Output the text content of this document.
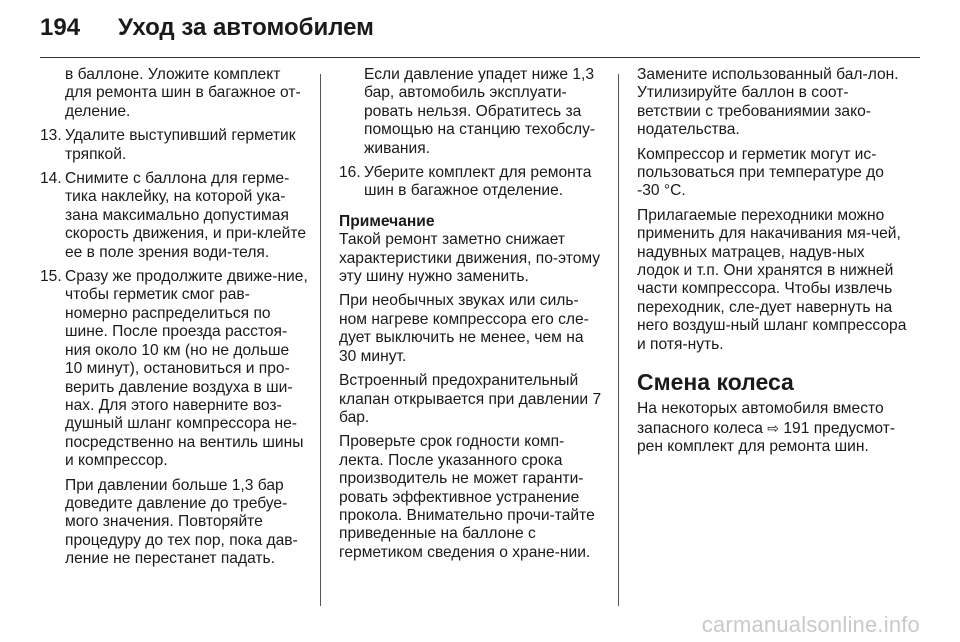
194 Уход за автомобилем

в баллоне. Уложите комплект для ремонта шин в багажное от-деление.

13. Удалите выступивший герметик тряпкой.
14. Снимите с баллона для герме-тика наклейку, на которой ука-зана максимально допустимая скорость движения, и при-клейте ее в поле зрения води-теля.
15. Сразу же продолжите движе-ние, чтобы герметик смог рав-номерно распределиться по шине. После проезда расстоя-ния около 10 км (но не дольше 10 минут), остановиться и про-верить давление воздуха в ши-нах. Для этого наверните воз-душный шланг компрессора не-посредственно на вентиль шины и компрессор.

При давлении больше 1,3 бар доведите давление до требуе-мого значения. Повторяйте процедуру до тех пор, пока дав-ление не перестанет падать.

Если давление упадет ниже 1,3 бар, автомобиль эксплуати-ровать нельзя. Обратитесь за помощью на станцию техобслу-живания.

16. Уберите комплект для ремонта шин в багажное отделение.
Примечание

Такой ремонт заметно снижает характеристики движения, по-этому эту шину нужно заменить.

При необычных звуках или силь-ном нагреве компрессора его сле-дует выключить не менее, чем на 30 минут.

Встроенный предохранительный клапан открывается при давлении 7 бар.

Проверьте срок годности комп-лекта. После указанного срока производитель не может гаранти-ровать эффективное устранение прокола. Внимательно прочи-тайте приведенные на баллоне с герметиком сведения о хране-нии.

Замените использованный бал-лон. Утилизируйте баллон в соот-ветствии с требованиямии зако-нодательства.

Компрессор и герметик могут ис-пользоваться при температуре до -30 °C.

Прилагаемые переходники можно применить для накачивания мя-чей, надувных матрацев, надув-ных лодок и т.п. Они хранятся в нижней части компрессора. Чтобы извлечь переходник, сле-дует навернуть на него воздуш-ный шланг компрессора и потя-нуть.

Смена колеса

На некоторых автомобиля вместо запасного колеса ⇨ 191 предусмот-рен комплект для ремонта шин.

carmanualsonline.info
